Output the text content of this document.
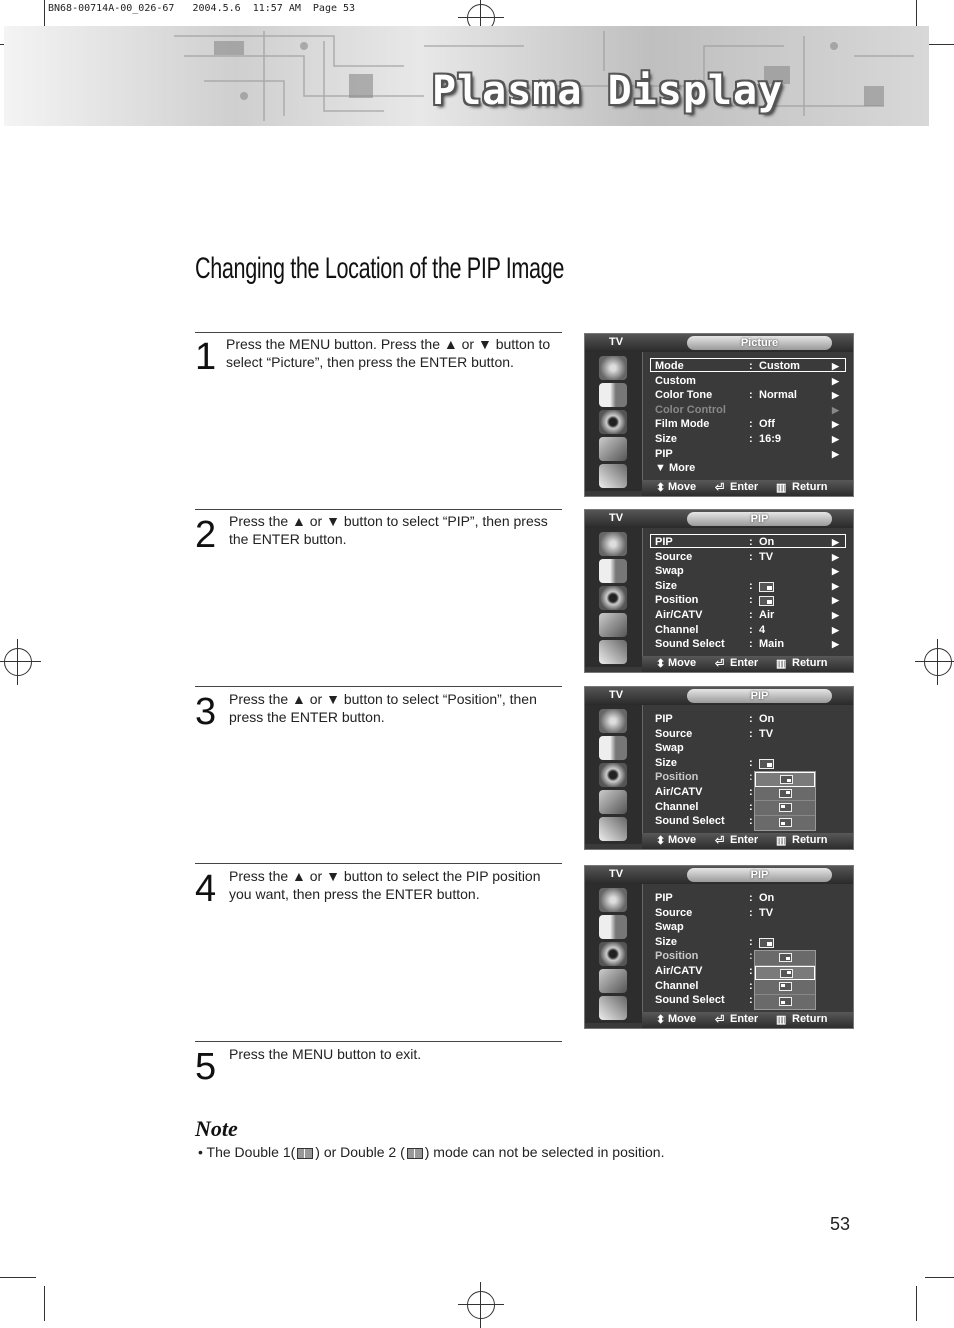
BN68-00714A-00_026-67   2004.5.6  11:57 AM  Page 53
Plasma Display
Changing the Location of the PIP Image
1 Press the MENU button. Press the ▲ or ▼ button to select “Picture”, then press the ENTER button.
2 Press the ▲ or ▼ button to select “PIP”, then press the ENTER button.
3 Press the ▲ or ▼ button to select “Position”, then press the ENTER button.
4 Press the ▲ or ▼ button to select the PIP position you want, then press the ENTER button.
5 Press the MENU button to exit.
TV	Picture
Mode	: Custom	▶
Custom	▶
Color Tone	: Normal	▶
Color Control	▶
Film Mode	: Off	▶
Size	: 16:9	▶
PIP	▶
▼ More
⬍ Move ⏎ Enter ▥ Return
TV	PIP
PIP	: On	▶
Source	: TV	▶
Swap	▶
Size	:	▶
Position	:	▶
Air/CATV	: Air	▶
Channel	: 4	▶
Sound Select : Main	▶
⬍ Move ⏎ Enter ▥ Return
TV	PIP
PIP	: On
Source	: TV
Swap
Size	:
Position	:
Air/CATV	:
Channel	:
Sound Select :
⬍ Move ⏎ Enter ▥ Return
TV	PIP
PIP	: On
Source	: TV
Swap
Size	:
Position	:
Air/CATV	:
Channel	:
Sound Select :
⬍ Move ⏎ Enter ▥ Return
Note
• The Double 1( ) or Double 2 ( ) mode can not be selected in position.
53
